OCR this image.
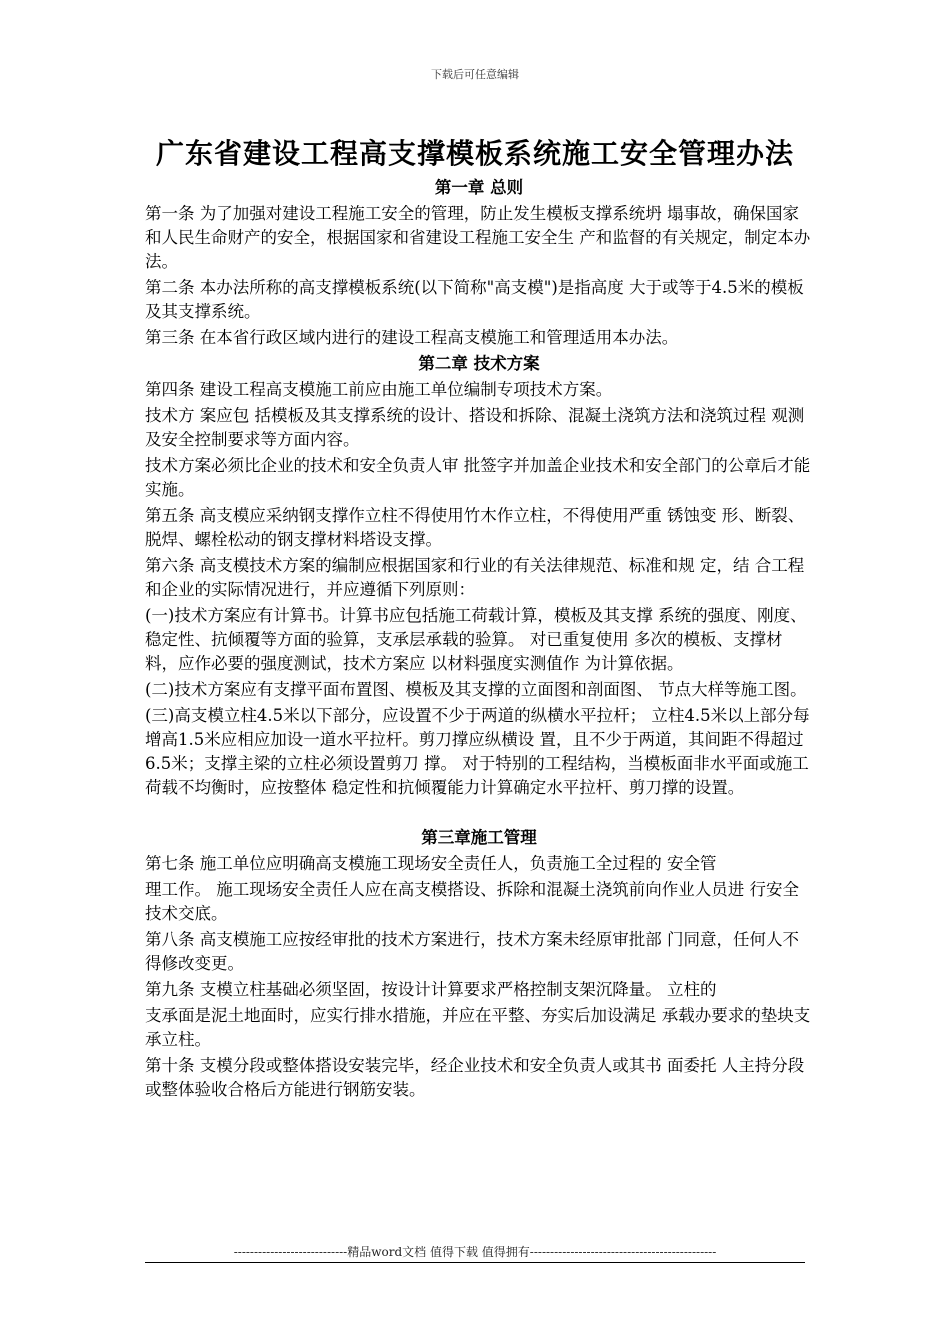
下载后可任意编辑
广东省建设工程高支撑模板系统施工安全管理办法

第一章 总则

第一条 为了加强对建设工程施工安全的管理，防止发生模板支撑系统坍 塌事故，确保国家和人民生命财产的安全，根据国家和省建设工程施工安全生 产和监督的有关规定，制定本办法。

第二条 本办法所称的高支撑模板系统(以下简称"高支模")是指高度 大于或等于4.5米的模板及其支撑系统。

第三条 在本省行政区域内进行的建设工程高支模施工和管理适用本办法。

第二章 技术方案

第四条 建设工程高支模施工前应由施工单位编制专项技术方案。

技术方 案应包 括模板及其支撑系统的设计、搭设和拆除、混凝土浇筑方法和浇筑过程 观测及安全控制要求等方面内容。

技术方案必须比企业的技术和安全负责人审 批签字并加盖企业技术和安全部门的公章后才能实施。

第五条 高支模应采纳钢支撑作立柱不得使用竹木作立柱，不得使用严重 锈蚀变 形、断裂、脱焊、螺栓松动的钢支撑材料塔设支撑。

第六条 高支模技术方案的编制应根据国家和行业的有关法律规范、标准和规 定，结 合工程和企业的实际情况进行，并应遵循下列原则：

(一)技术方案应有计算书。计算书应包括施工荷载计算，模板及其支撑 系统的强度、刚度、稳定性、抗倾覆等方面的验算，支承层承载的验算。 对已重复使用 多次的模板、支撑材料，应作必要的强度测试，技术方案应 以材料强度实测值作 为计算依据。

(二)技术方案应有支撑平面布置图、模板及其支撑的立面图和剖面图、 节点大样等施工图。

(三)高支模立柱4.5米以下部分，应设置不少于两道的纵横水平拉杆； 立柱4.5米以上部分每增高1.5米应相应加设一道水平拉杆。剪刀撑应纵横设 置，且不少于两道，其间距不得超过6.5米；支撑主梁的立柱必须设置剪刀 撑。 对于特别的工程结构，当模板面非水平面或施工荷载不均衡时，应按整体 稳定性和抗倾覆能力计算确定水平拉杆、剪刀撑的设置。

第三章施工管理

第七条 施工单位应明确高支模施工现场安全责任人，负责施工全过程的 安全管

理工作。 施工现场安全责任人应在高支模搭设、拆除和混凝土浇筑前向作业人员进 行安全技术交底。

第八条 高支模施工应按经审批的技术方案进行，技术方案未经原审批部 门同意，任何人不得修改变更。

第九条 支模立柱基础必须坚固，按设计计算要求严格控制支架沉降量。 立柱的

支承面是泥土地面时，应实行排水措施，并应在平整、夯实后加设满足 承载办要求的垫块支承立柱。

第十条 支模分段或整体搭设安装完毕，经企业技术和安全负责人或其书 面委托 人主持分段或整体验收合格后方能进行钢筋安装。

----------------------------精品word文档 值得下载 值得拥有----------------------------------------------
